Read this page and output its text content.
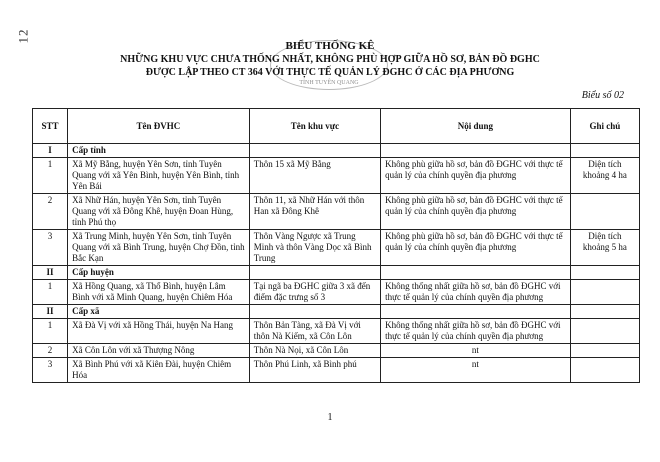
12
TỈNH TUYÊN QUANG
BIỂU THỐNG KÊ
NHỮNG KHU VỰC CHƯA THỐNG NHẤT, KHÔNG PHÙ HỢP GIỮA HỒ SƠ, BẢN ĐỒ ĐGHC
ĐƯỢC LẬP THEO CT 364 VỚI THỰC TẾ QUẢN LÝ ĐGHC Ở CÁC ĐỊA PHƯƠNG
Biểu số 02
STT	Tên ĐVHC	Tên khu vực	Nội dung	Ghi chú
I	Cấp tỉnh			
1	Xã Mỹ Bằng, huyện Yên Sơn, tỉnh Tuyên Quang với xã Yên Bình, huyện Yên Bình, tỉnh Yên Bái	Thôn 15 xã Mỹ Bằng	Không phù giữa hồ sơ, bản đồ ĐGHC với thực tế quản lý của chính quyền địa phương	Diện tích khoảng 4 ha
2	Xã Nhữ Hán, huyện Yên Sơn, tỉnh Tuyên Quang với xã Đông Khê, huyện Đoan Hùng, tỉnh Phú thọ	Thôn 11, xã Nhữ Hán với thôn Han xã Đông Khê	Không phù giữa hồ sơ, bản đồ ĐGHC với thực tế quản lý của chính quyền địa phương	
3	Xã Trung Minh, huyện Yên Sơn, tỉnh Tuyên Quang với xã Bình Trung, huyện Chợ Đồn, tỉnh Bắc Kạn	Thôn Vàng Ngược xã Trung Minh và thôn Vàng Dọc xã Bình Trung	Không phù giữa hồ sơ, bản đồ ĐGHC với thực tế quản lý của chính quyền địa phương	Diện tích khoảng 5 ha
II	Cấp huyện			
1	Xã Hồng Quang, xã Thổ Bình, huyện Lâm Bình với xã Minh Quang, huyện Chiêm Hóa	Tại ngã ba ĐGHC giữa 3 xã đến điểm đặc trưng số 3	Không thống nhất giữa hồ sơ, bản đồ ĐGHC với thực tế quản lý của chính quyền địa phương	
II	Cấp xã			
1	Xã Đà Vị với xã Hồng Thái, huyện Na Hang	Thôn Bản Tàng, xã Đà Vị với thôn Nà Kiếm, xã Côn Lôn	Không thống nhất giữa hồ sơ, bản đồ ĐGHC với thực tế quản lý của chính quyền địa phương	
2	Xã Côn Lôn với xã Thượng Nông	Thôn Nà Nọi, xã Côn Lôn	nt	
3	Xã Bình Phú với xã Kiên Đài, huyện Chiêm Hóa	Thôn Phú Linh, xã Bình phú	nt	
1
